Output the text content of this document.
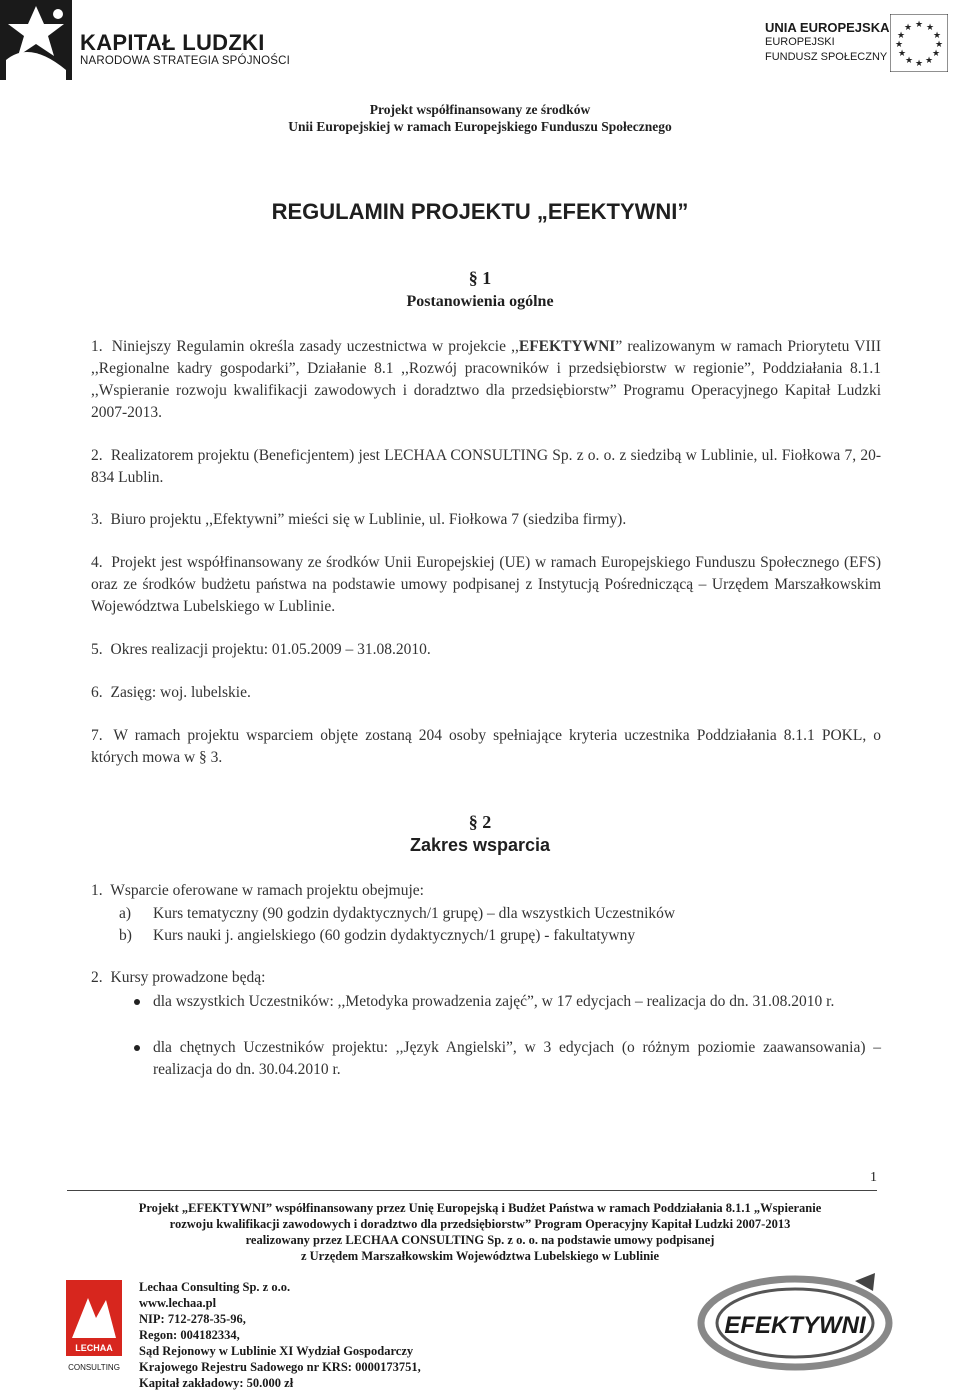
KAPITAŁ LUDZKI
NARODOWA STRATEGIA SPÓJNOŚCI
UNIA EUROPEJSKA
EUROPEJSKI
FUNDUSZ SPOŁECZNY
★ ★
★
★
★
★
★
★
★
★
★
★
Projekt współfinansowany ze środków
Unii Europejskiej w ramach Europejskiego Funduszu Społecznego
REGULAMIN PROJEKTU „EFEKTYWNI”
§ 1
Postanowienia ogólne
1. Niniejszy Regulamin określa zasady uczestnictwa w projekcie ,,EFEKTYWNI” realizowanym w ramach Priorytetu VIII ,,Regionalne kadry gospodarki”, Działanie 8.1 ,,Rozwój pracowników i przedsiębiorstw w regionie”, Poddziałania 8.1.1 ,,Wspieranie rozwoju kwalifikacji zawodowych i doradztwo dla przedsiębiorstw” Programu Operacyjnego Kapitał Ludzki 2007-2013.
2. Realizatorem projektu (Beneficjentem) jest LECHAA CONSULTING Sp. z o. o. z siedzibą w Lublinie, ul. Fiołkowa 7, 20-834 Lublin.
3. Biuro projektu ,,Efektywni” mieści się w Lublinie, ul. Fiołkowa 7 (siedziba firmy).
4. Projekt jest współfinansowany ze środków Unii Europejskiej (UE) w ramach Europejskiego Funduszu Społecznego (EFS) oraz ze środków budżetu państwa na podstawie umowy podpisanej z Instytucją Pośredniczącą – Urzędem Marszałkowskim Województwa Lubelskiego w Lublinie.
5. Okres realizacji projektu: 01.05.2009 – 31.08.2010.
6. Zasięg: woj. lubelskie.
7. W ramach projektu wsparciem objęte zostaną 204 osoby spełniające kryteria uczestnika Poddziałania 8.1.1 POKL, o których mowa w § 3.
§ 2
Zakres wsparcia
1. Wsparcie oferowane w ramach projektu obejmuje:
a) Kurs tematyczny (90 godzin dydaktycznych/1 grupę) – dla wszystkich Uczestników
b) Kurs nauki j. angielskiego (60 godzin dydaktycznych/1 grupę) - fakultatywny
2. Kursy prowadzone będą:
dla wszystkich Uczestników: ,,Metodyka prowadzenia zajęć”, w 17 edycjach – realizacja do dn. 31.08.2010 r.
dla chętnych Uczestników projektu: ,,Język Angielski”, w 3 edycjach (o różnym poziomie zaawansowania) – realizacja do dn. 30.04.2010 r.
1
Projekt „EFEKTYWNI” współfinansowany przez Unię Europejską i Budżet Państwa w ramach Poddziałania 8.1.1 „Wspieranie
rozwoju kwalifikacji zawodowych i doradztwo dla przedsiębiorstw” Program Operacyjny Kapitał Ludzki 2007-2013
realizowany przez LECHAA CONSULTING Sp. z o. o. na podstawie umowy podpisanej
z Urzędem Marszałkowskim Województwa Lubelskiego w Lublinie
LECHAA
CONSULTING
Lechaa Consulting Sp. z o.o.
www.lechaa.pl
NIP: 712-278-35-96,
Regon: 004182334,
Sąd Rejonowy w Lublinie XI Wydział Gospodarczy
Krajowego Rejestru Sadowego nr KRS: 0000173751,
Kapitał zakładowy: 50.000 zł
EFEKTYWNI
